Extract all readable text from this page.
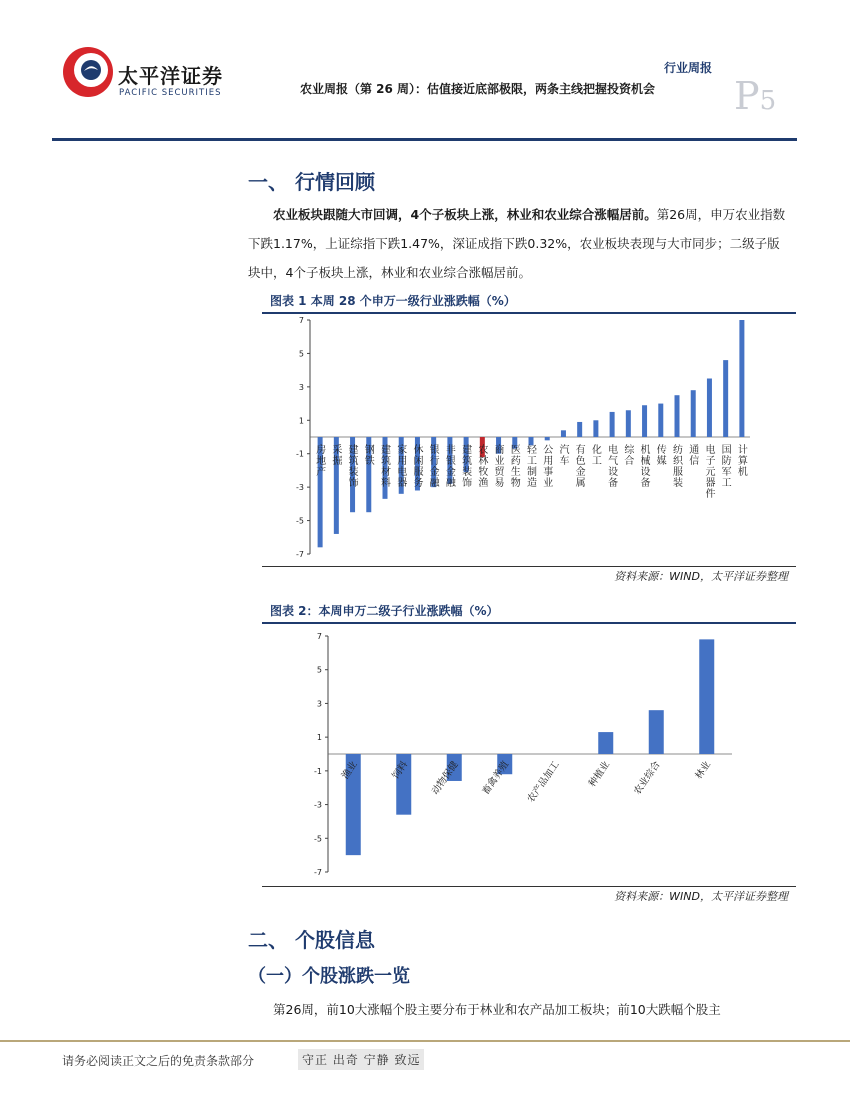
太平洋证券
PACIFIC SECURITIES
行业周报
农业周报（第 26 周）：估值接近底部极限，两条主线把握投资机会 P5
一、 行情回顾
农业板块跟随大市回调，4个子板块上涨，林业和农业综合涨幅居前。第26周，申万农业指数下跌1.17%，上证综指下跌1.47%，深证成指下跌0.32%，农业板块表现与大市同步；二级子版块中，4个子板块上涨，林业和农业综合涨幅居前。
图表 1 本周 28 个申万一级行业涨跌幅（%）
7
5
3
1
-1
-3
-5
-7
房地产
采掘
建筑装饰
钢铁
建筑材料
家用电器
休闲服务
银行金融
非银金融
建筑装饰
农林牧渔
商业贸易
医药生物
轻工制造
公用事业
汽车
有色金属
化工
电气设备
综合
机械设备
传媒
纺织服装
通信
电子元器件
国防军工
计算机
资料来源：WIND，太平洋证券整理
图表 2：本周申万二级子行业涨跌幅（%）
7
5
3
1
-1
-3
-5
-7
渔业	饲料 动物保健 畜禽养殖 农产品加工	种植业 农业综合	林业
资料来源：WIND，太平洋证券整理
二、 个股信息
（一）个股涨跌一览
第26周，前10大涨幅个股主要分布于林业和农产品加工板块；前10大跌幅个股主
请务必阅读正文之后的免责条款部分	守正 出奇 宁静 致远
